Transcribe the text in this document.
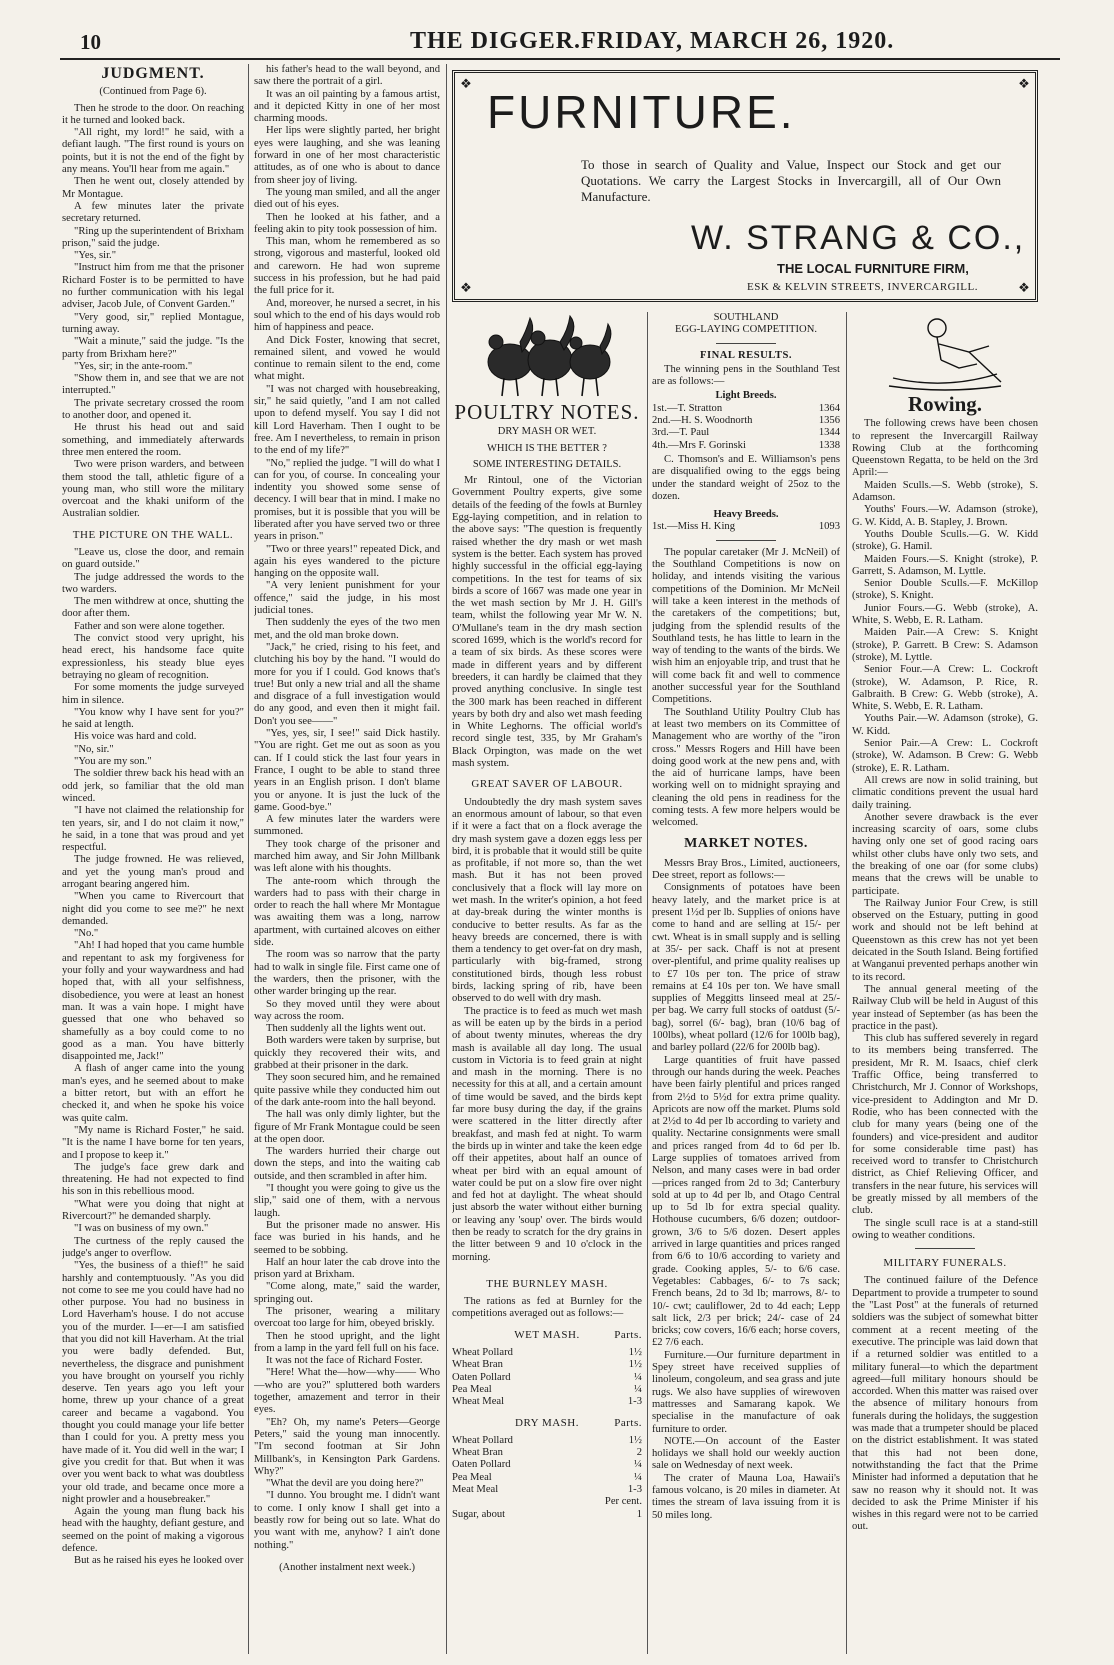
10	THE DIGGER.FRIDAY, MARCH 26, 1920.
JUDGMENT.
(Continued from Page 6).

Then he strode to the door. On reaching it he turned and looked back.

"All right, my lord!" he said, with a defiant laugh. "The first round is yours on points, but it is not the end of the fight by any means. You'll hear from me again."

Then he went out, closely attended by Mr Montague.

A few minutes later the private secretary returned.

"Ring up the superintendent of Brixham prison," said the judge.

"Yes, sir."

"Instruct him from me that the prisoner Richard Foster is to be permitted to have no further communication with his legal adviser, Jacob Jule, of Convent Garden."

"Very good, sir," replied Montague, turning away.

"Wait a minute," said the judge. "Is the party from Brixham here?"

"Yes, sir; in the ante-room."

"Show them in, and see that we are not interrupted."

The private secretary crossed the room to another door, and opened it.

He thrust his head out and said something, and immediately afterwards three men entered the room.

Two were prison warders, and between them stood the tall, athletic figure of a young man, who still wore the military overcoat and the khaki uniform of the Australian soldier.

THE PICTURE ON THE WALL.

"Leave us, close the door, and remain on guard outside."

The judge addressed the words to the two warders.

The men withdrew at once, shutting the door after them.

Father and son were alone together.

The convict stood very upright, his head erect, his handsome face quite expressionless, his steady blue eyes betraying no gleam of recognition.

For some moments the judge surveyed him in silence.

"You know why I have sent for you?" he said at length.

His voice was hard and cold.

"No, sir."

"You are my son."

The soldier threw back his head with an odd jerk, so familiar that the old man winced.

"I have not claimed the relationship for ten years, sir, and I do not claim it now," he said, in a tone that was proud and yet respectful.

The judge frowned. He was relieved, and yet the young man's proud and arrogant bearing angered him.

"When you came to Rivercourt that night did you come to see me?" he next demanded.

"No."

"Ah! I had hoped that you came humble and repentant to ask my forgiveness for your folly and your waywardness and had hoped that, with all your selfishness, disobedience, you were at least an honest man. It was a vain hope. I might have guessed that one who behaved so shamefully as a boy could come to no good as a man. You have bitterly disappointed me, Jack!"

A flash of anger came into the young man's eyes, and he seemed about to make a bitter retort, but with an effort he checked it, and when he spoke his voice was quite calm.

"My name is Richard Foster," he said. "It is the name I have borne for ten years, and I propose to keep it."

The judge's face grew dark and threatening. He had not expected to find his son in this rebellious mood.

"What were you doing that night at Rivercourt?" he demanded sharply.

"I was on business of my own."

The curtness of the reply caused the judge's anger to overflow.

"Yes, the business of a thief!" he said harshly and contemptuously. "As you did not come to see me you could have had no other purpose. You had no business in Lord Haverham's house. I do not accuse you of the murder. I—er—I am satisfied that you did not kill Haverham. At the trial you were badly defended. But, nevertheless, the disgrace and punishment you have brought on yourself you richly deserve. Ten years ago you left your home, threw up your chance of a great career and became a vagabond. You thought you could manage your life better than I could for you. A pretty mess you have made of it. You did well in the war; I give you credit for that. But when it was over you went back to what was doubtless your old trade, and became once more a night prowler and a housebreaker."

Again the young man flung back his head with the haughty, defiant gesture, and seemed on the point of making a vigorous defence.

But as he raised his eyes he looked over

his father's head to the wall beyond, and saw there the portrait of a girl.

It was an oil painting by a famous artist, and it depicted Kitty in one of her most charming moods.

Her lips were slightly parted, her bright eyes were laughing, and she was leaning forward in one of her most characteristic attitudes, as of one who is about to dance from sheer joy of living.

The young man smiled, and all the anger died out of his eyes.

Then he looked at his father, and a feeling akin to pity took possession of him.

This man, whom he remembered as so strong, vigorous and masterful, looked old and careworn. He had won supreme success in his profession, but he had paid the full price for it.

And, moreover, he nursed a secret, in his soul which to the end of his days would rob him of happiness and peace.

And Dick Foster, knowing that secret, remained silent, and vowed he would continue to remain silent to the end, come what might.

"I was not charged with housebreaking, sir," he said quietly, "and I am not called upon to defend myself. You say I did not kill Lord Haverham. Then I ought to be free. Am I nevertheless, to remain in prison to the end of my life?"

"No," replied the judge. "I will do what I can for you, of course. In concealing your indentity you showed some sense of decency. I will bear that in mind. I make no promises, but it is possible that you will be liberated after you have served two or three years in prison."

"Two or three years!" repeated Dick, and again his eyes wandered to the picture hanging on the opposite wall.

"A very lenient punishment for your offence," said the judge, in his most judicial tones.

Then suddenly the eyes of the two men met, and the old man broke down.

"Jack," he cried, rising to his feet, and clutching his boy by the hand. "I would do more for you if I could. God knows that's true! But only a new trial and all the shame and disgrace of a full investigation would do any good, and even then it might fail. Don't you see——"

"Yes, yes, sir, I see!" said Dick hastily. "You are right. Get me out as soon as you can. If I could stick the last four years in France, I ought to be able to stand three years in an English prison. I don't blame you or anyone. It is just the luck of the game. Good-bye."

A few minutes later the warders were summoned.

They took charge of the prisoner and marched him away, and Sir John Millbank was left alone with his thoughts.

The ante-room which through the warders had to pass with their charge in order to reach the hall where Mr Montague was awaiting them was a long, narrow apartment, with curtained alcoves on either side.

The room was so narrow that the party had to walk in single file. First came one of the warders, then the prisoner, with the other warder bringing up the rear.

So they moved until they were about way across the room.

Then suddenly all the lights went out.

Both warders were taken by surprise, but quickly they recovered their wits, and grabbed at their prisoner in the dark.

They soon secured him, and he remained quite passive while they conducted him out of the dark ante-room into the hall beyond.

The hall was only dimly lighter, but the figure of Mr Frank Montague could be seen at the open door.

The warders hurried their charge out down the steps, and into the waiting cab outside, and then scrambled in after him.

"I thought you were going to give us the slip," said one of them, with a nervous laugh.

But the prisoner made no answer. His face was buried in his hands, and he seemed to be sobbing.

Half an hour later the cab drove into the prison yard at Brixham.

"Come along, mate," said the warder, springing out.

The prisoner, wearing a military overcoat too large for him, obeyed briskly.

Then he stood upright, and the light from a lamp in the yard fell full on his face.

It was not the face of Richard Foster.

"Here! What the—how—why—— Who—who are you?" spluttered both warders together, amazement and terror in their eyes.

"Eh? Oh, my name's Peters—George Peters," said the young man innocently. "I'm second footman at Sir John Millbank's, in Kensington Park Gardens. Why?"

"What the devil are you doing here?"

"I dunno. You brought me. I didn't want to come. I only know I shall get into a beastly row for being out so late. What do you want with me, anyhow? I ain't done nothing."

(Another instalment next week.)
❖	❖
❖	❖
FURNITURE.
To those in search of Quality and Value, Inspect our Stock and get our Quotations. We carry the Largest Stocks in Invercargill, all of Our Own Manufacture.
W. STRANG & CO.,
THE LOCAL FURNITURE FIRM,
ESK & KELVIN STREETS, INVERCARGILL.
POULTRY NOTES.
DRY MASH OR WET.
WHICH IS THE BETTER ?
SOME INTERESTING DETAILS.

Mr Rintoul, one of the Victorian Government Poultry experts, give some details of the feeding of the fowls at Burnley Egg-laying competition, and in relation to the above says: "The question is frequently raised whether the dry mash or wet mash system is the better. Each system has proved highly successful in the official egg-laying competitions. In the test for teams of six birds a score of 1667 was made one year in the wet mash section by Mr J. H. Gill's team, whilst the following year Mr W. N. O'Mullane's team in the dry mash section scored 1699, which is the world's record for a team of six birds. As these scores were made in different years and by different breeders, it can hardly be claimed that they proved anything conclusive. In single test the 300 mark has been reached in different years by both dry and also wet mash feeding in White Leghorns. The official world's record single test, 335, by Mr Graham's Black Orpington, was made on the wet mash system.

GREAT SAVER OF LABOUR.

Undoubtedly the dry mash system saves an enormous amount of labour, so that even if it were a fact that on a flock average the dry mash system gave a dozen eggs less per bird, it is probable that it would still be quite as profitable, if not more so, than the wet mash. But it has not been proved conclusively that a flock will lay more on wet mash. In the writer's opinion, a hot feed at day-break during the winter months is conducive to better results. As far as the heavy breeds are concerned, there is with them a tendency to get over-fat on dry mash, particularly with big-framed, strong constitutioned birds, though less robust birds, lacking spring of rib, have been observed to do well with dry mash.

The practice is to feed as much wet mash as will be eaten up by the birds in a period of about twenty minutes, whereas the dry mash is available all day long. The usual custom in Victoria is to feed grain at night and mash in the morning. There is no necessity for this at all, and a certain amount of time would be saved, and the birds kept far more busy during the day, if the grains were scattered in the litter directly after breakfast, and mash fed at night. To warm the birds up in winter and take the keen edge off their appetites, about half an ounce of wheat per bird with an equal amount of water could be put on a slow fire over night and fed hot at daylight. The wheat should just absorb the water without either burning or leaving any 'soup' over. The birds would then be ready to scratch for the dry grains in the litter between 9 and 10 o'clock in the morning.

THE BURNLEY MASH.

The rations as fed at Burnley for the competitions averaged out as follows:—

WET MASH.	Parts.
Wheat Pollard	1½
Wheat Bran	1½
Oaten Pollard	¼
Pea Meal	¼
Wheat Meal	1-3
DRY MASH.	Parts.
Wheat Pollard	1½
Wheat Bran	2
Oaten Pollard	¼
Pea Meal	¼
Meat Meal	1-3
Per cent.
Sugar, about	1
SOUTHLAND
EGG-LAYING COMPETITION.
FINAL RESULTS.

The winning pens in the Southland Test are as follows:—

Light Breeds.
1st.—T. Stratton	1364
2nd.—H. S. Woodnorth	1356
3rd.—T. Paul	1344
4th.—Mrs F. Gorinski	1338

C. Thomson's and E. Williamson's pens are disqualified owing to the eggs being under the standard weight of 25oz to the dozen.

Heavy Breeds.
1st.—Miss H. King	1093

The popular caretaker (Mr J. McNeil) of the Southland Competitions is now on holiday, and intends visiting the various competitions of the Dominion. Mr McNeil will take a keen interest in the methods of the caretakers of the competitions; but, judging from the splendid results of the Southland tests, he has little to learn in the way of tending to the wants of the birds. We wish him an enjoyable trip, and trust that he will come back fit and well to commence another successful year for the Southland Competitions.

The Southland Utility Poultry Club has at least two members on its Committee of Management who are worthy of the "iron cross." Messrs Rogers and Hill have been doing good work at the new pens and, with the aid of hurricane lamps, have been working well on to midnight spraying and cleaning the old pens in readiness for the coming tests. A few more helpers would be welcomed.

MARKET NOTES.

Messrs Bray Bros., Limited, auctioneers, Dee street, report as follows:—

Consignments of potatoes have been heavy lately, and the market price is at present 1½d per lb. Supplies of onions have come to hand and are selling at 15/- per cwt. Wheat is in small supply and is selling at 35/- per sack. Chaff is not at present over-plentiful, and prime quality realises up to £7 10s per ton. The price of straw remains at £4 10s per ton. We have small supplies of Meggitts linseed meal at 25/- per bag. We carry full stocks of oatdust (5/- bag), sorrel (6/- bag), bran (10/6 bag of 100lbs), wheat pollard (12/6 for 100lb bag), and barley pollard (22/6 for 200lb bag).

Large quantities of fruit have passed through our hands during the week. Peaches have been fairly plentiful and prices ranged from 2½d to 5½d for extra prime quality. Apricots are now off the market. Plums sold at 2½d to 4d per lb according to variety and quality. Nectarine consignments were small and prices ranged from 4d to 6d per lb. Large supplies of tomatoes arrived from Nelson, and many cases were in bad order—prices ranged from 2d to 3d; Canterbury sold at up to 4d per lb, and Otago Central up to 5d lb for extra special quality. Hothouse cucumbers, 6/6 dozen; outdoor-grown, 3/6 to 5/6 dozen. Desert apples arrived in large quantities and prices ranged from 6/6 to 10/6 according to variety and grade. Cooking apples, 5/- to 6/6 case. Vegetables: Cabbages, 6/- to 7s sack; French beans, 2d to 3d lb; marrows, 8/- to 10/- cwt; cauliflower, 2d to 4d each; Lepp salt lick, 2/3 per brick; 24/- case of 24 bricks; cow covers, 16/6 each; horse covers, £2 7/6 each.

Furniture.—Our furniture department in Spey street have received supplies of linoleum, congoleum, and sea grass and jute rugs. We also have supplies of wirewoven mattresses and Samarang kapok. We specialise in the manufacture of oak furniture to order.

NOTE.—On account of the Easter holidays we shall hold our weekly auction sale on Wednesday of next week.

The crater of Mauna Loa, Hawaii's famous volcano, is 20 miles in diameter. At times the stream of lava issuing from it is 50 miles long.

Rowing.

The following crews have been chosen to represent the Invercargill Railway Rowing Club at the forthcoming Queenstown Regatta, to be held on the 3rd April:—

Maiden Sculls.—S. Webb (stroke), S. Adamson.

Youths' Fours.—W. Adamson (stroke), G. W. Kidd, A. B. Stapley, J. Brown.

Youths Double Sculls.—G. W. Kidd (stroke), G. Hamil.

Maiden Fours.—S. Knight (stroke), P. Garrett, S. Adamson, M. Lyttle.

Senior Double Sculls.—F. McKillop (stroke), S. Knight.

Junior Fours.—G. Webb (stroke), A. White, S. Webb, E. R. Latham.

Maiden Pair.—A Crew: S. Knight (stroke), P. Garrett. B Crew: S. Adamson (stroke), M. Lyttle.

Senior Four.—A Crew: L. Cockroft (stroke), W. Adamson, P. Rice, R. Galbraith. B Crew: G. Webb (stroke), A. White, S. Webb, E. R. Latham.

Youths Pair.—W. Adamson (stroke), G. W. Kidd.

Senior Pair.—A Crew: L. Cockroft (stroke), W. Adamson. B Crew: G. Webb (stroke), E. R. Latham.

All crews are now in solid training, but climatic conditions prevent the usual hard daily training.

Another severe drawback is the ever increasing scarcity of oars, some clubs having only one set of good racing oars whilst other clubs have only two sets, and the breaking of one oar (for some clubs) means that the crews will be unable to participate.

The Railway Junior Four Crew, is still observed on the Estuary, putting in good work and should not be left behind at Queenstown as this crew has not yet been deicated in the South Island. Being fortified at Wanganui prevented perhaps another win to its record.

The annual general meeting of the Railway Club will be held in August of this year instead of September (as has been the practice in the past).

This club has suffered severely in regard to its members being transferred. The president, Mr R. M. Isaacs, chief clerk Traffic Office, being transferred to Christchurch, Mr J. Connor of Workshops, vice-president to Addington and Mr D. Rodie, who has been connected with the club for many years (being one of the founders) and vice-president and auditor for some considerable time past) has received word to transfer to Christchurch district, as Chief Relieving Officer, and transfers in the near future, his services will be greatly missed by all members of the club.

The single scull race is at a stand-still owing to weather conditions.

MILITARY FUNERALS.

The continued failure of the Defence Department to provide a trumpeter to sound the "Last Post" at the funerals of returned soldiers was the subject of somewhat bitter comment at a recent meeting of the executive. The principle was laid down that if a returned soldier was entitled to a military funeral—to which the department agreed—full military honours should be accorded. When this matter was raised over the absence of military honours from funerals during the holidays, the suggestion was made that a trumpeter should be placed on the district establishment. It was stated that this had not been done, notwithstanding the fact that the Prime Minister had informed a deputation that he saw no reason why it should not. It was decided to ask the Prime Minister if his wishes in this regard were not to be carried out.
